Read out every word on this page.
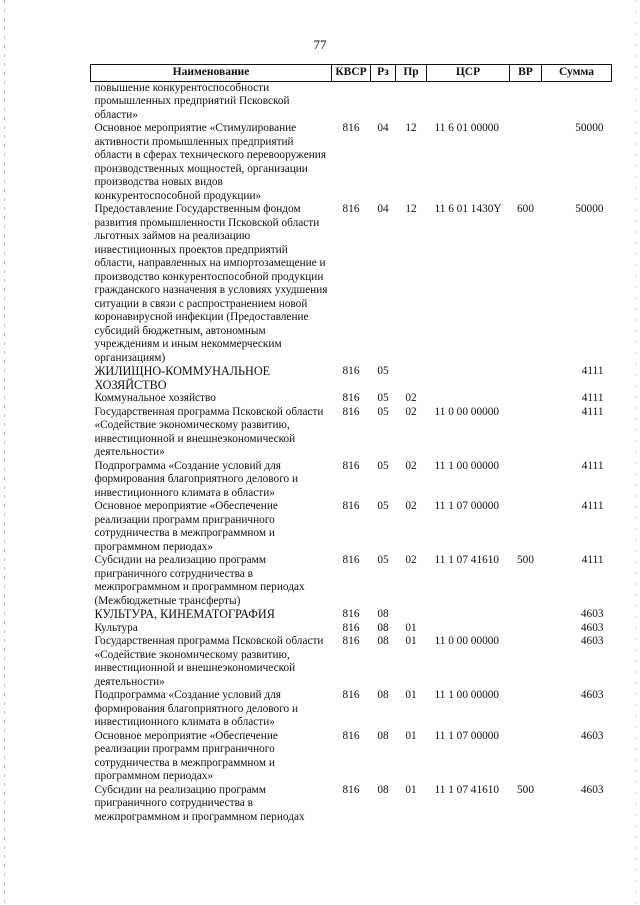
77
Наименование	КВСР	Рз	Пр	ЦСР	ВР	Сумма
повышение конкурентоспособности промышленных предприятий Псковской области»						
Основное мероприятие «Стимулирование активности промышленных предприятий области в сферах технического перевооружения производственных мощностей, организации производства новых видов конкурентоспособной продукции»	816	04	12	11 6 01 00000		50000
Предоставление Государственным фондом развития промышленности Псковской области льготных займов на реализацию инвестиционных проектов предприятий области, направленных на импортозамещение и производство конкурентоспособной продукции гражданского назначения в условиях ухудшения ситуации в связи с распространением новой коронавирусной инфекции (Предоставление субсидий бюджетным, автономным учреждениям и иным некоммерческим организациям)	816	04	12	11 6 01 1430Y	600	50000
ЖИЛИЩНО-КОММУНАЛЬНОЕ ХОЗЯЙСТВО	816	05				4111
Коммунальное хозяйство	816	05	02			4111
Государственная программа Псковской области «Содействие экономическому развитию, инвестиционной и внешнеэкономической деятельности»	816	05	02	11 0 00 00000		4111
Подпрограмма «Создание условий для формирования благоприятного делового и инвестиционного климата в области»	816	05	02	11 1 00 00000		4111
Основное мероприятие «Обеспечение реализации программ приграничного сотрудничества в межпрограммном и программном периодах»	816	05	02	11 1 07 00000		4111
Субсидии на реализацию программ приграничного сотрудничества в межпрограммном и программном периодах (Межбюджетные трансферты)	816	05	02	11 1 07 41610	500	4111
КУЛЬТУРА, КИНЕМАТОГРАФИЯ	816	08				4603
Культура	816	08	01			4603
Государственная программа Псковской области «Содействие экономическому развитию, инвестиционной и внешнеэкономической деятельности»	816	08	01	11 0 00 00000		4603
Подпрограмма «Создание условий для формирования благоприятного делового и инвестиционного климата в области»	816	08	01	11 1 00 00000		4603
Основное мероприятие «Обеспечение реализации программ приграничного сотрудничества в межпрограммном и программном периодах»	816	08	01	11 1 07 00000		4603
Субсидии на реализацию программ приграничного сотрудничества в межпрограммном и программном периодах	816	08	01	11 1 07 41610	500	4603
